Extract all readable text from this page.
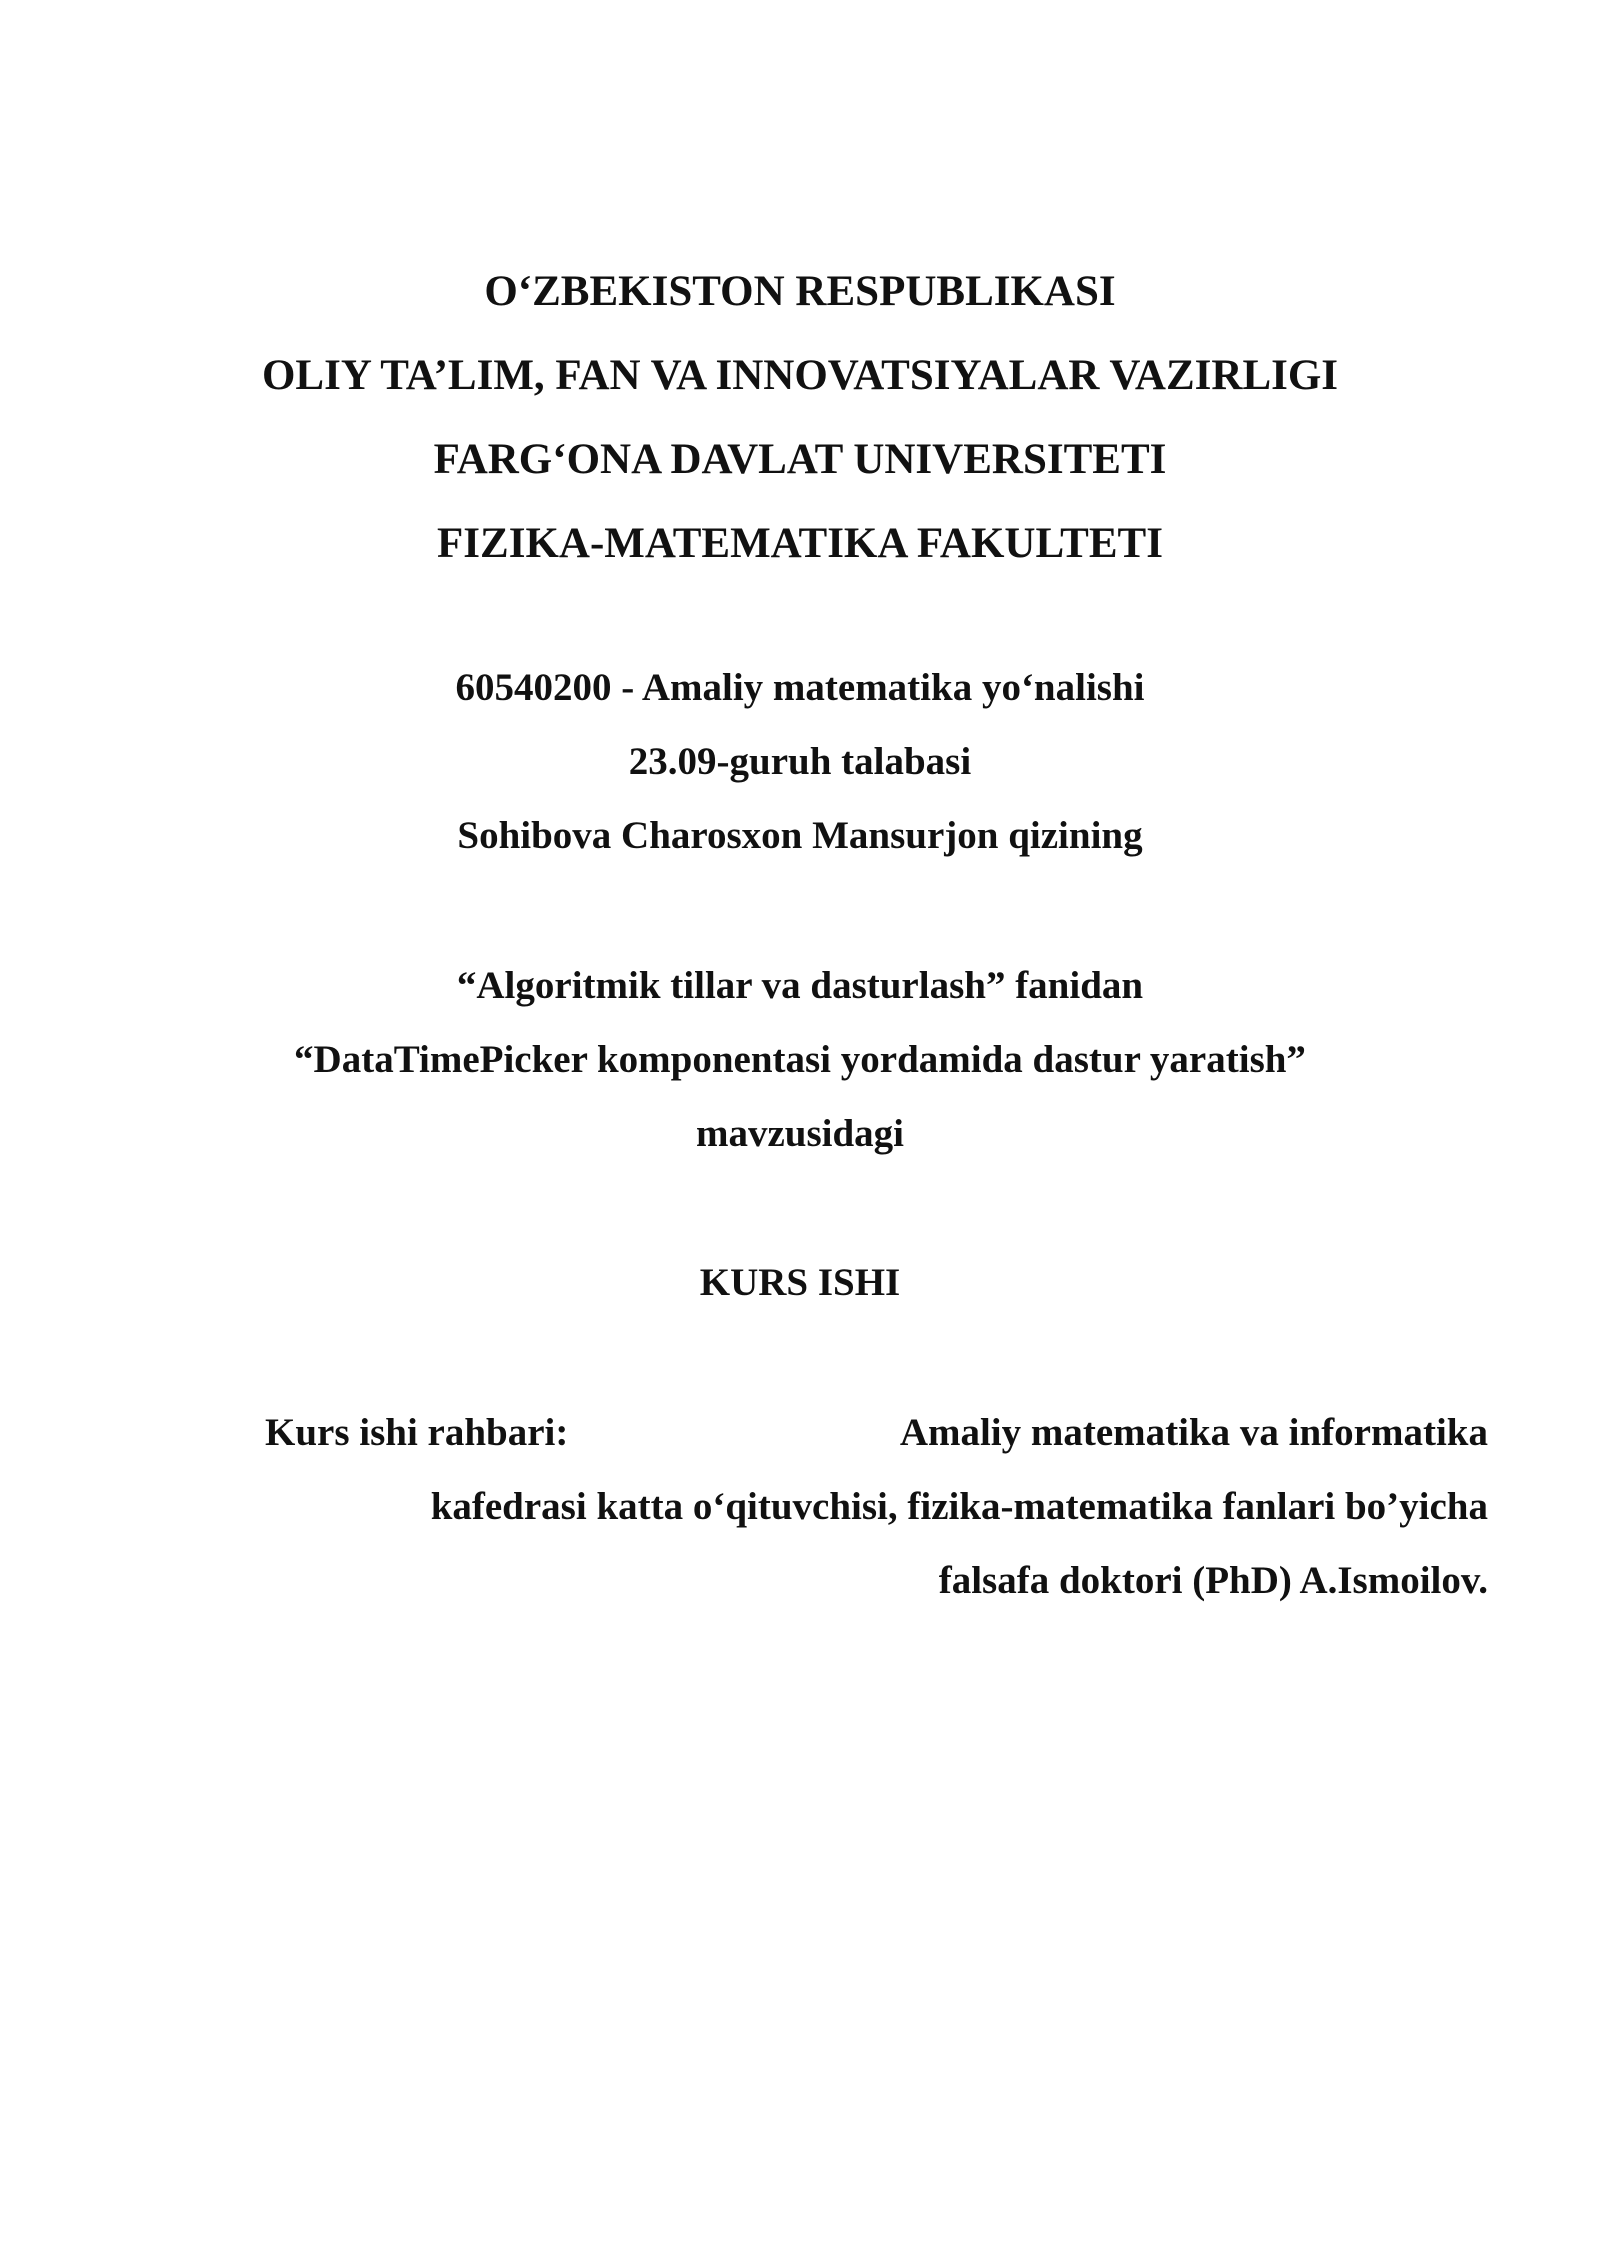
O‘ZBEKISTON RESPUBLIKASI
OLIY TA’LIM, FAN VA INNOVATSIYALAR VAZIRLIGI
FARG‘ONA DAVLAT UNIVERSITETI
FIZIKA-MATEMATIKA FAKULTETI
60540200 - Amaliy matematika yo‘nalishi
23.09-guruh talabasi
Sohibova Charosxon Mansurjon qizining
“Algoritmik tillar va dasturlash” fanidan
“DataTimePicker komponentasi yordamida dastur yaratish”
mavzusidagi
KURS ISHI
Kurs ishi rahbari:	Amaliy matematika va informatika
kafedrasi katta o‘qituvchisi, fizika-matematika fanlari bo’yicha
falsafa doktori (PhD) A.Ismoilov.
